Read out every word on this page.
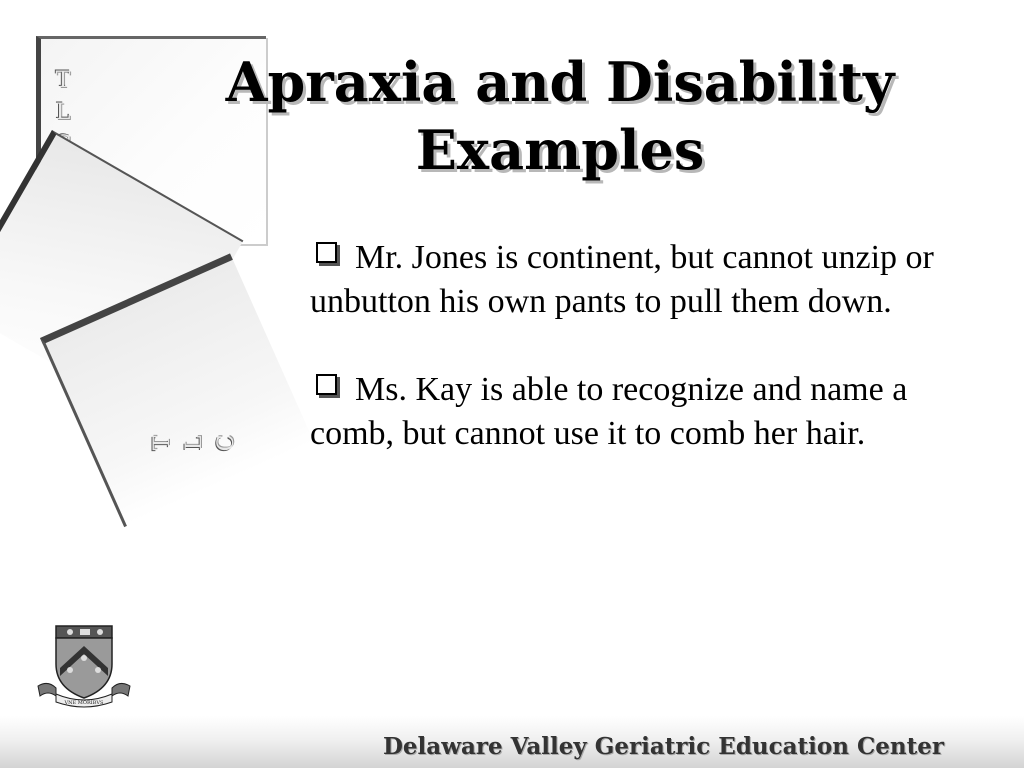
T
L
T L C
Apraxia and Disability
Examples
Mr. Jones is continent, but cannot unzip or unbutton his own pants to pull them down.
Ms. Kay is able to recognize and name a comb, but cannot use it to comb her hair.
VNE MORIBVS
Delaware Valley Geriatric Education Center
